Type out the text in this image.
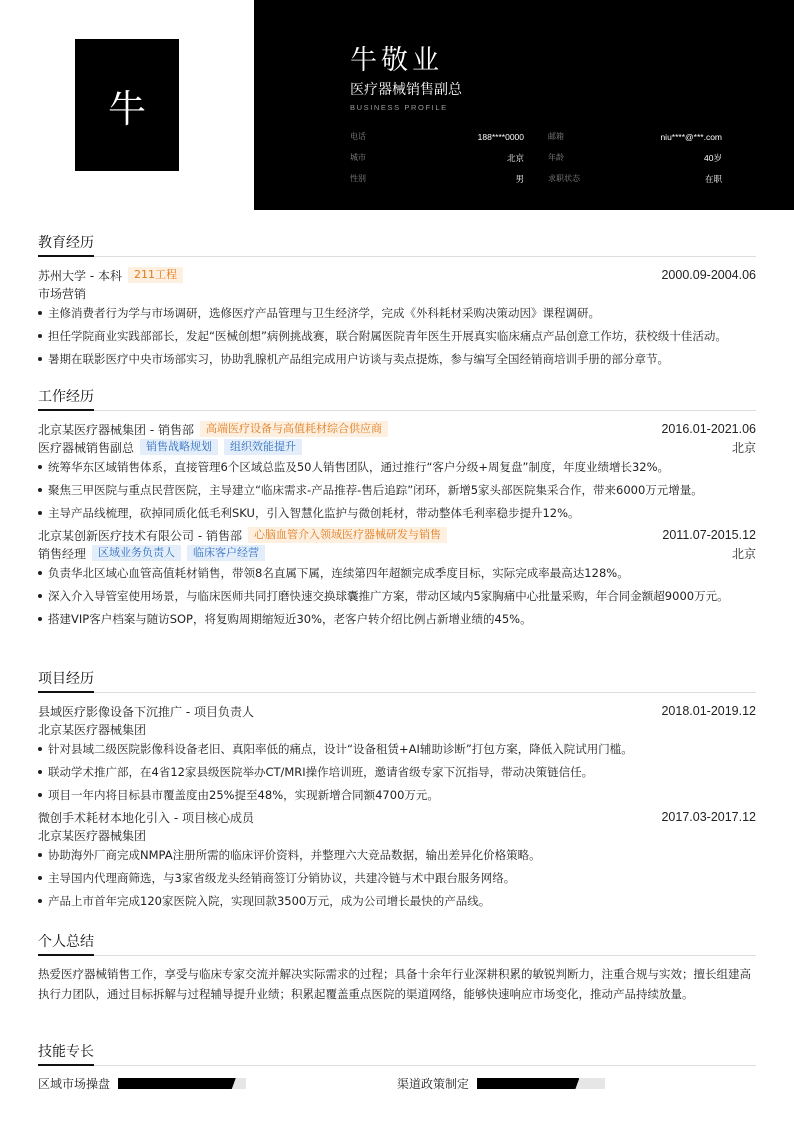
牛
牛敬业
医疗器械销售副总
BUSINESS PROFILE
电话	188****0000	邮箱	niu****@***.com
城市	北京	年龄	40岁
性别	男	求职状态	在职
教育经历
苏州大学 - 本科	211工程	2000.09-2004.06
市场营销
主修消费者行为学与市场调研，选修医疗产品管理与卫生经济学，完成《外科耗材采购决策动因》课程调研。
担任学院商业实践部部长，发起“医械创想”病例挑战赛，联合附属医院青年医生开展真实临床痛点产品创意工作坊，获校级十佳活动。
暑期在联影医疗中央市场部实习，协助乳腺机产品组完成用户访谈与卖点提炼，参与编写全国经销商培训手册的部分章节。
工作经历
北京某医疗器械集团 - 销售部	高端医疗设备与高值耗材综合供应商	2016.01-2021.06
医疗器械销售副总	销售战略规划	组织效能提升	北京
统筹华东区域销售体系，直接管理6个区域总监及50人销售团队，通过推行“客户分级+周复盘”制度，年度业绩增长32%。
聚焦三甲医院与重点民营医院，主导建立“临床需求-产品推荐-售后追踪”闭环，新增5家头部医院集采合作，带来6000万元增量。
主导产品线梳理，砍掉同质化低毛利SKU，引入智慧化监护与微创耗材，带动整体毛利率稳步提升12%。
北京某创新医疗技术有限公司 - 销售部	心脑血管介入领域医疗器械研发与销售	2011.07-2015.12
销售经理	区域业务负责人	临床客户经营	北京
负责华北区域心血管高值耗材销售，带领8名直属下属，连续第四年超额完成季度目标，实际完成率最高达128%。
深入介入导管室使用场景，与临床医师共同打磨快速交换球囊推广方案，带动区域内5家胸痛中心批量采购，年合同金额超9000万元。
搭建VIP客户档案与随访SOP，将复购周期缩短近30%，老客户转介绍比例占新增业绩的45%。
项目经历
县域医疗影像设备下沉推广 - 项目负责人	2018.01-2019.12
北京某医疗器械集团
针对县域二级医院影像科设备老旧、真阳率低的痛点，设计“设备租赁+AI辅助诊断”打包方案，降低入院试用门槛。
联动学术推广部，在4省12家县级医院举办CT/MRI操作培训班，邀请省级专家下沉指导，带动决策链信任。
项目一年内将目标县市覆盖度由25%提至48%，实现新增合同额4700万元。
微创手术耗材本地化引入 - 项目核心成员	2017.03-2017.12
北京某医疗器械集团
协助海外厂商完成NMPA注册所需的临床评价资料，并整理六大竞品数据，输出差异化价格策略。
主导国内代理商筛选，与3家省级龙头经销商签订分销协议，共建冷链与术中跟台服务网络。
产品上市首年完成120家医院入院，实现回款3500万元，成为公司增长最快的产品线。
个人总结
热爱医疗器械销售工作，享受与临床专家交流并解决实际需求的过程；具备十余年行业深耕积累的敏锐判断力，注重合规与实效；擅长组建高执行力团队，通过目标拆解与过程辅导提升业绩；积累起覆盖重点医院的渠道网络，能够快速响应市场变化，推动产品持续放量。
技能专长
区域市场操盘	渠道政策制定
